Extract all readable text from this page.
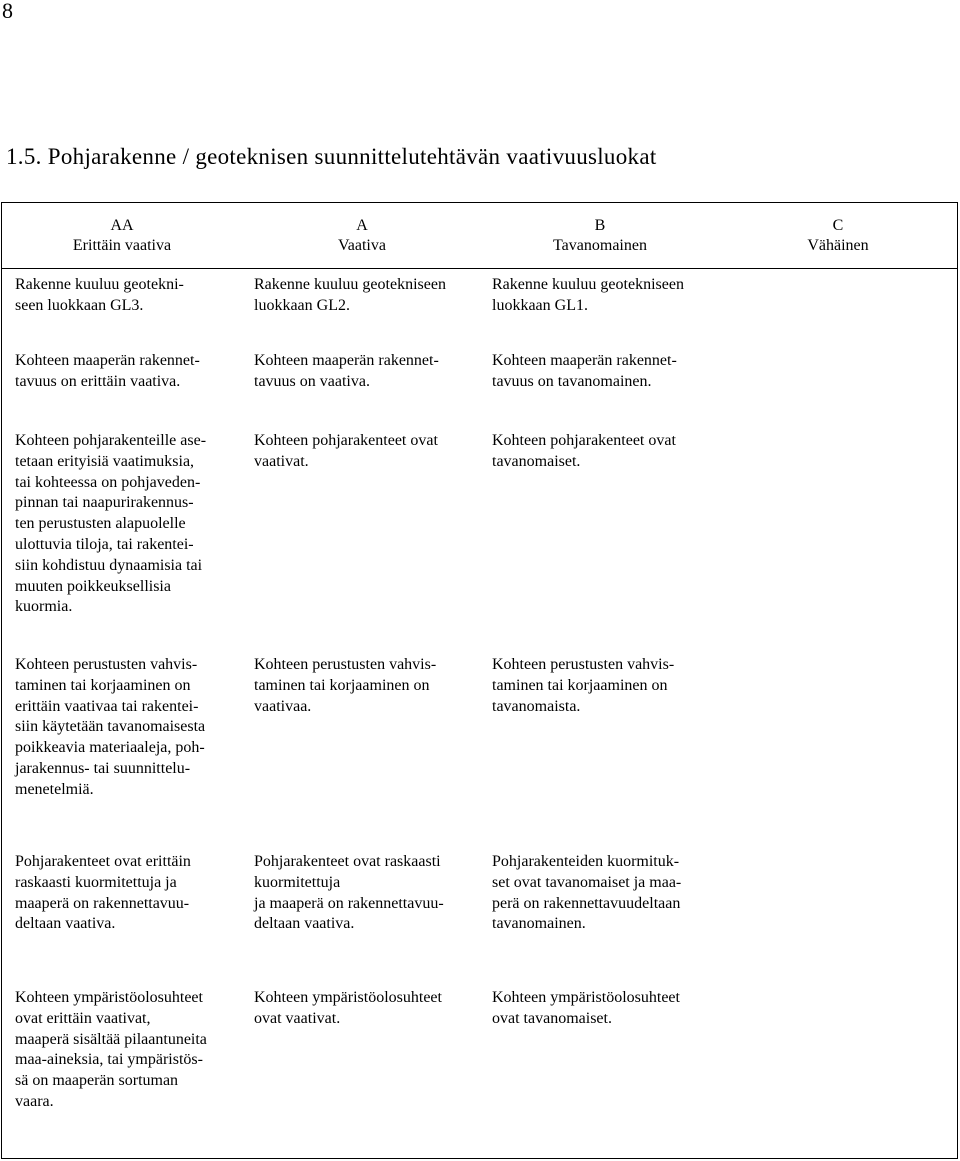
8
1.5. Pohjarakenne / geoteknisen suunnittelutehtävän vaativuusluokat
AA
Erittäin vaativa
A
Vaativa
B
Tavanomainen
C
Vähäinen
Rakenne kuuluu geotekni-
seen luokkaan GL3.
Rakenne kuuluu geotekniseen
luokkaan GL2.
Rakenne kuuluu geotekniseen
luokkaan GL1.
Kohteen maaperän rakennet-
tavuus on erittäin vaativa.
Kohteen maaperän rakennet-
tavuus on vaativa.
Kohteen maaperän rakennet-
tavuus on tavanomainen.
Kohteen pohjarakenteille ase-
tetaan erityisiä vaatimuksia,
tai kohteessa on pohjaveden-
pinnan tai naapurirakennus-
ten perustusten alapuolelle
ulottuvia tiloja, tai rakentei-
siin kohdistuu dynaamisia tai
muuten poikkeuksellisia
kuormia.
Kohteen pohjarakenteet ovat
vaativat.
Kohteen pohjarakenteet ovat
tavanomaiset.
Kohteen perustusten vahvis-
taminen tai korjaaminen on
erittäin vaativaa tai rakentei-
siin käytetään tavanomaisesta
poikkeavia materiaaleja, poh-
jarakennus- tai suunnittelu-
menetelmiä.
Kohteen perustusten vahvis-
taminen tai korjaaminen on
vaativaa.
Kohteen perustusten vahvis-
taminen tai korjaaminen on
tavanomaista.
Pohjarakenteet ovat erittäin
raskaasti kuormitettuja ja
maaperä on rakennettavuu-
deltaan vaativa.
Pohjarakenteet ovat raskaasti
kuormitettuja
ja maaperä on rakennettavuu-
deltaan vaativa.
Pohjarakenteiden kuormituk-
set ovat tavanomaiset ja maa-
perä on rakennettavuudeltaan
tavanomainen.
Kohteen ympäristöolosuhteet
ovat erittäin vaativat,
maaperä sisältää pilaantuneita
maa-aineksia, tai ympäristös-
sä on maaperän sortuman
vaara.
Kohteen ympäristöolosuhteet
ovat vaativat.
Kohteen ympäristöolosuhteet
ovat tavanomaiset.
